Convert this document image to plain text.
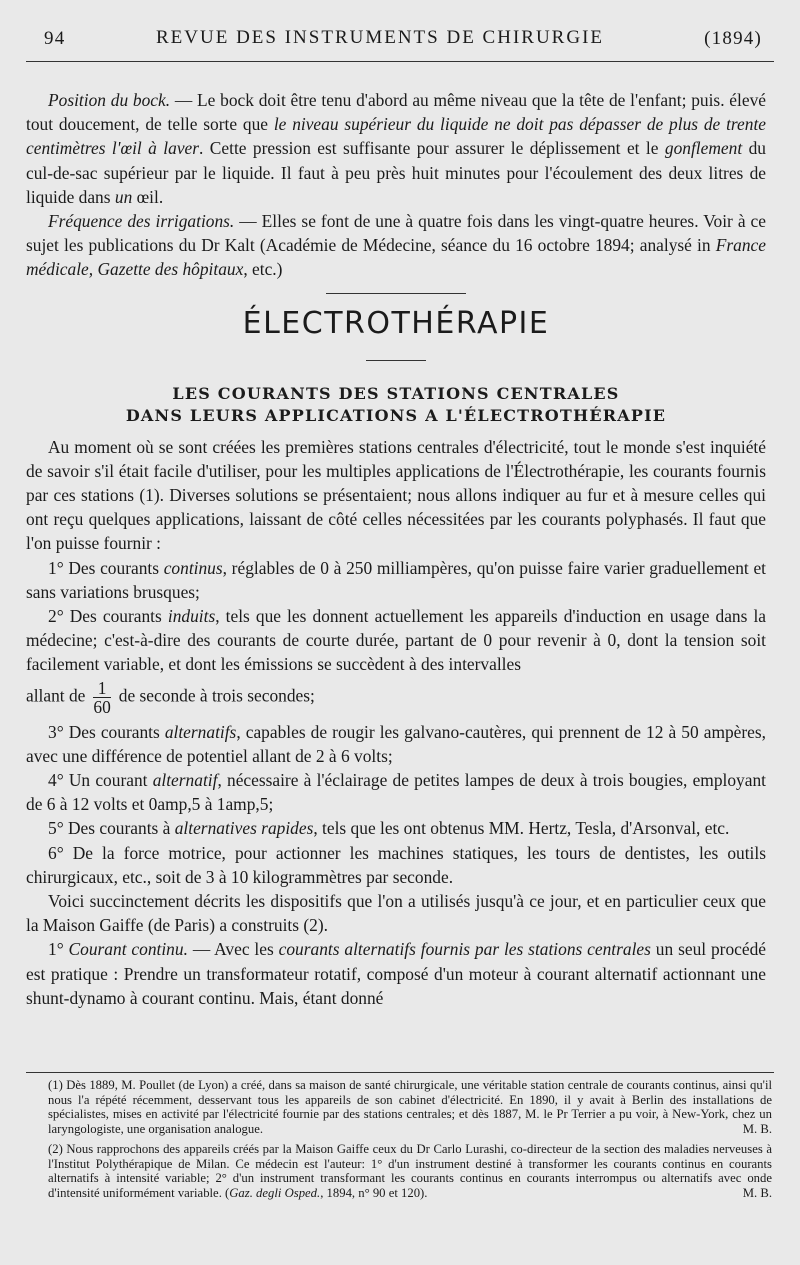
94	REVUE DES INSTRUMENTS DE CHIRURGIE	(1894)

Position du bock. — Le bock doit être tenu d'abord au même niveau que la tête de l'enfant; puis. élevé tout doucement, de telle sorte que le niveau supérieur du liquide ne doit pas dépasser de plus de trente centimètres l'œil à laver. Cette pression est suffisante pour assurer le déplissement et le gonflement du cul-de-sac supérieur par le liquide. Il faut à peu près huit minutes pour l'écoulement des deux litres de liquide dans un œil.

Fréquence des irrigations. — Elles se font de une à quatre fois dans les vingt-quatre heures. Voir à ce sujet les publications du Dr Kalt (Académie de Médecine, séance du 16 octobre 1894; analysé in France médicale, Gazette des hôpitaux, etc.)

ÉLECTROTHÉRAPIE
LES COURANTS DES STATIONS CENTRALES
DANS LEURS APPLICATIONS A L'ÉLECTROTHÉRAPIE

Au moment où se sont créées les premières stations centrales d'électricité, tout le monde s'est inquiété de savoir s'il était facile d'utiliser, pour les multiples applications de l'Électrothérapie, les courants fournis par ces stations (1). Diverses solutions se présentaient; nous allons indiquer au fur et à mesure celles qui ont reçu quelques applications, laissant de côté celles nécessitées par les courants polyphasés. Il faut que l'on puisse fournir :

1° Des courants continus, réglables de 0 à 250 milliampères, qu'on puisse faire varier graduellement et sans variations brusques;

2° Des courants induits, tels que les donnent actuellement les appareils d'induction en usage dans la médecine; c'est-à-dire des courants de courte durée, partant de 0 pour revenir à 0, dont la tension soit facilement variable, et dont les émissions se succèdent à des intervalles

allant de $\frac{1}{60}$ de seconde à trois secondes;

3° Des courants alternatifs, capables de rougir les galvano-cautères, qui prennent de 12 à 50 ampères, avec une différence de potentiel allant de 2 à 6 volts;

4° Un courant alternatif, nécessaire à l'éclairage de petites lampes de deux à trois bougies, employant de 6 à 12 volts et 0amp,5 à 1amp,5;

5° Des courants à alternatives rapides, tels que les ont obtenus MM. Hertz, Tesla, d'Arsonval, etc.

6° De la force motrice, pour actionner les machines statiques, les tours de dentistes, les outils chirurgicaux, etc., soit de 3 à 10 kilogrammètres par seconde.

Voici succinctement décrits les dispositifs que l'on a utilisés jusqu'à ce jour, et en particulier ceux que la Maison Gaiffe (de Paris) a construits (2).

1° Courant continu. — Avec les courants alternatifs fournis par les stations centrales un seul procédé est pratique : Prendre un transformateur rotatif, composé d'un moteur à courant alternatif actionnant une shunt-dynamo à courant continu. Mais, étant donné

(1) Dès 1889, M. Poullet (de Lyon) a créé, dans sa maison de santé chirurgicale, une véritable station centrale de courants continus, ainsi qu'il nous l'a répété récemment, desservant tous les appareils de son cabinet d'électricité. En 1890, il y avait à Berlin des installations de spécialistes, mises en activité par l'électricité fournie par des stations centrales; et dès 1887, M. le Pr Terrier a pu voir, à New-York, chez un laryngologiste, une organisation analogue.	M. B.

(2) Nous rapprochons des appareils créés par la Maison Gaiffe ceux du Dr Carlo Lurashi, co-directeur de la section des maladies nerveuses à l'Institut Polythérapique de Milan. Ce médecin est l'auteur: 1° d'un instrument destiné à transformer les courants continus en courants alternatifs à intensité variable; 2° d'un instrument transformant les courants continus en courants interrompus ou alternatifs avec onde d'intensité uniformément variable. (Gaz. degli Osped., 1894, n° 90 et 120).	M. B.
